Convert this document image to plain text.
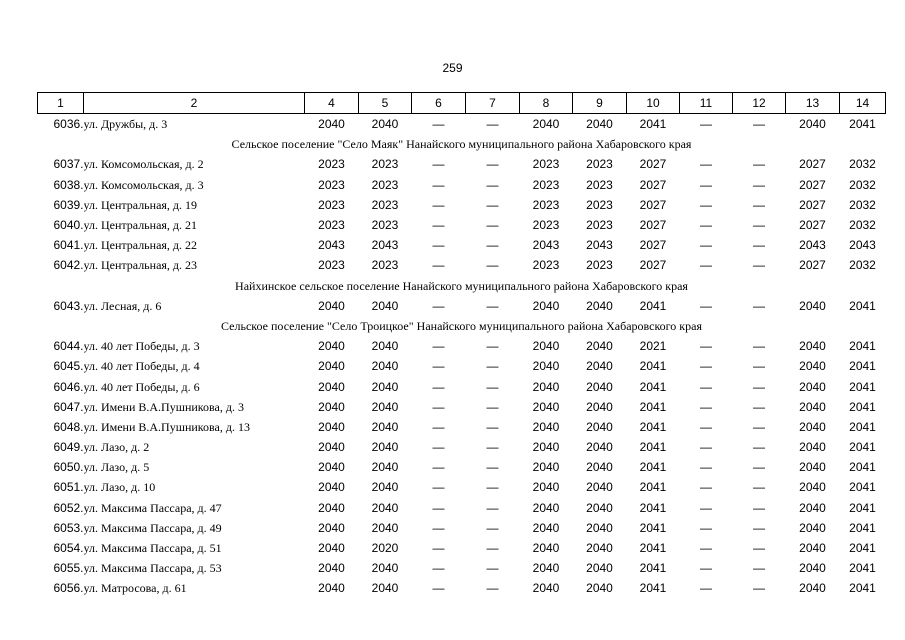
259
1	2	4	5	6	7	8	9	10	11	12	13	14
6036.	ул. Дружбы, д. 3	2040	2040	—	—	2040	2040	2041	—	—	2040	2041
Сельское поселение "Село Маяк" Нанайского муниципального района Хабаровского края												
6037.	ул. Комсомольская, д. 2	2023	2023	—	—	2023	2023	2027	—	—	2027	2032
6038.	ул. Комсомольская, д. 3	2023	2023	—	—	2023	2023	2027	—	—	2027	2032
6039.	ул. Центральная, д. 19	2023	2023	—	—	2023	2023	2027	—	—	2027	2032
6040.	ул. Центральная, д. 21	2023	2023	—	—	2023	2023	2027	—	—	2027	2032
6041.	ул. Центральная, д. 22	2043	2043	—	—	2043	2043	2027	—	—	2043	2043
6042.	ул. Центральная, д. 23	2023	2023	—	—	2023	2023	2027	—	—	2027	2032
Найхинское сельское поселение Нанайского муниципального района Хабаровского края												
6043.	ул. Лесная, д. 6	2040	2040	—	—	2040	2040	2041	—	—	2040	2041
Сельское поселение "Село Троицкое" Нанайского муниципального района Хабаровского края												
6044.	ул. 40 лет Победы, д. 3	2040	2040	—	—	2040	2040	2021	—	—	2040	2041
6045.	ул. 40 лет Победы, д. 4	2040	2040	—	—	2040	2040	2041	—	—	2040	2041
6046.	ул. 40 лет Победы, д. 6	2040	2040	—	—	2040	2040	2041	—	—	2040	2041
6047.	ул. Имени В.А.Пушникова, д. 3	2040	2040	—	—	2040	2040	2041	—	—	2040	2041
6048.	ул. Имени В.А.Пушникова, д. 13	2040	2040	—	—	2040	2040	2041	—	—	2040	2041
6049.	ул. Лазо, д. 2	2040	2040	—	—	2040	2040	2041	—	—	2040	2041
6050.	ул. Лазо, д. 5	2040	2040	—	—	2040	2040	2041	—	—	2040	2041
6051.	ул. Лазо, д. 10	2040	2040	—	—	2040	2040	2041	—	—	2040	2041
6052.	ул. Максима Пассара, д. 47	2040	2040	—	—	2040	2040	2041	—	—	2040	2041
6053.	ул. Максима Пассара, д. 49	2040	2040	—	—	2040	2040	2041	—	—	2040	2041
6054.	ул. Максима Пассара, д. 51	2040	2020	—	—	2040	2040	2041	—	—	2040	2041
6055.	ул. Максима Пассара, д. 53	2040	2040	—	—	2040	2040	2041	—	—	2040	2041
6056.	ул. Матросова, д. 61	2040	2040	—	—	2040	2040	2041	—	—	2040	2041
